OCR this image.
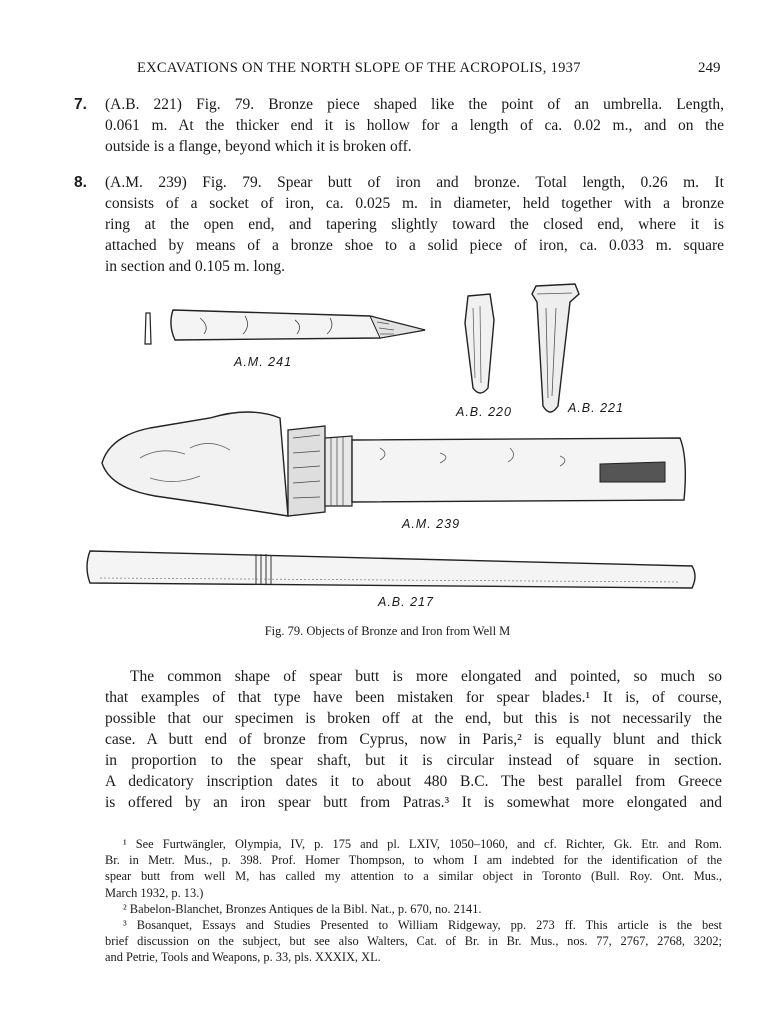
EXCAVATIONS ON THE NORTH SLOPE OF THE ACROPOLIS, 1937	249
7. (A.B. 221) Fig. 79. Bronze piece shaped like the point of an umbrella. Length,
0.061 m. At the thicker end it is hollow for a length of ca. 0.02 m., and on the
outside is a flange, beyond which it is broken off.
8. (A.M. 239) Fig. 79. Spear butt of iron and bronze. Total length, 0.26 m. It
consists of a socket of iron, ca. 0.025 m. in diameter, held together with a bronze
ring at the open end, and tapering slightly toward the closed end, where it is
attached by means of a bronze shoe to a solid piece of iron, ca. 0.033 m. square
in section and 0.105 m. long.
A.M. 241
A.B. 220	A.B. 221
A.M. 239
A.B. 217
Fig. 79. Objects of Bronze and Iron from Well M
The common shape of spear butt is more elongated and pointed, so much so
that examples of that type have been mistaken for spear blades.¹ It is, of course,
possible that our specimen is broken off at the end, but this is not necessarily the
case. A butt end of bronze from Cyprus, now in Paris,² is equally blunt and thick
in proportion to the spear shaft, but it is circular instead of square in section.
A dedicatory inscription dates it to about 480 B.C. The best parallel from Greece
is offered by an iron spear butt from Patras.³ It is somewhat more elongated and
¹ See Furtwängler, Olympia, IV, p. 175 and pl. LXIV, 1050–1060, and cf. Richter, Gk. Etr. and Rom.
Br. in Metr. Mus., p. 398. Prof. Homer Thompson, to whom I am indebted for the identification of the
spear butt from well M, has called my attention to a similar object in Toronto (Bull. Roy. Ont. Mus.,
March 1932, p. 13.)
² Babelon-Blanchet, Bronzes Antiques de la Bibl. Nat., p. 670, no. 2141.
³ Bosanquet, Essays and Studies Presented to William Ridgeway, pp. 273 ff. This article is the best
brief discussion on the subject, but see also Walters, Cat. of Br. in Br. Mus., nos. 77, 2767, 2768, 3202;
and Petrie, Tools and Weapons, p. 33, pls. XXXIX, XL.
